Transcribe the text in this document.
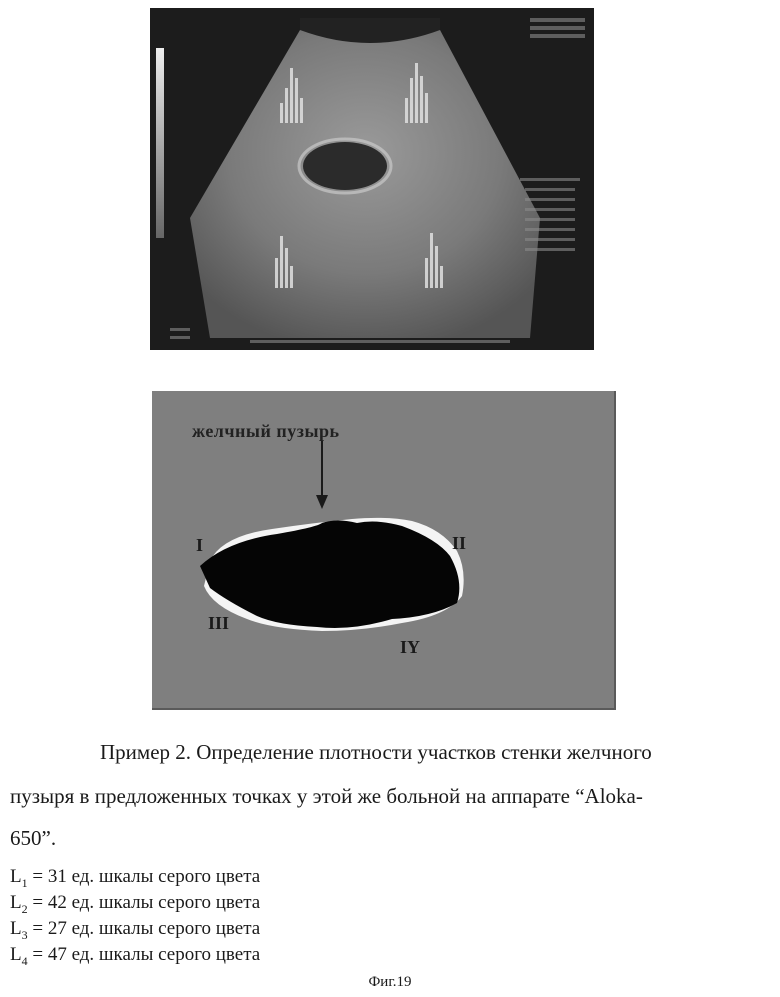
желчный пузырь
I	II
III
IY
Пример 2. Определение плотности участков стенки желчного
пузыря в предложенных точках у этой же больной на аппарате “Aloka-
650”.
$L_1 = 31$ ед. шкалы серого цвета
$L_2 = 42$ ед. шкалы серого цвета
$L_3 = 27$ ед. шкалы серого цвета
$L_4 = 47$ ед. шкалы серого цвета
Фиг.19
